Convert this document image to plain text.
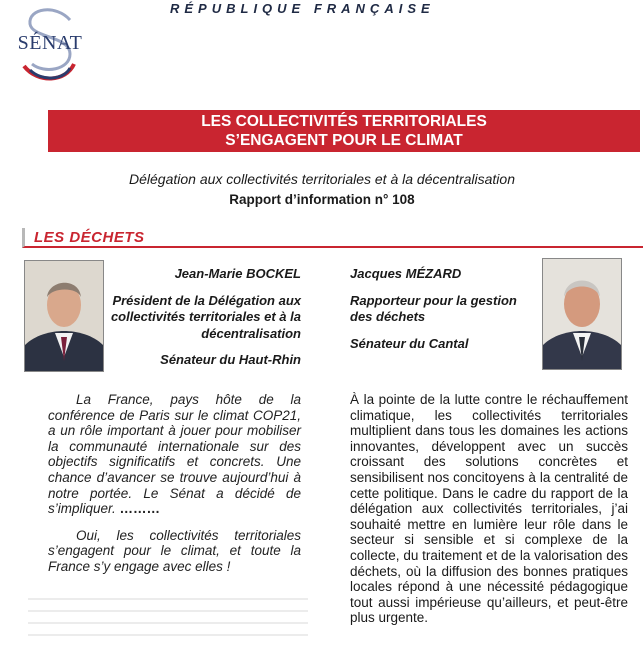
SÉNAT
RÉPUBLIQUE FRANÇAISE
LES COLLECTIVITÉS TERRITORIALES
S’ENGAGENT POUR LE CLIMAT
Délégation aux collectivités territoriales et à la décentralisation
Rapport d’information n° 108
LES DÉCHETS
Jean-Marie BOCKEL
Président de la Délégation aux collectivités territoriales et à la décentralisation
Sénateur du Haut-Rhin
Jacques MÉZARD
Rapporteur pour la gestion des déchets
Sénateur du Cantal

La France, pays hôte de la conférence de Paris sur le climat COP21, a un rôle important à jouer pour mobiliser la communauté internationale sur des objectifs significatifs et concrets. Une chance d’avancer se trouve aujourd’hui à notre portée. Le Sénat a décidé de s’impliquer. ………

Oui, les collectivités territoriales s’engagent pour le climat, et toute la France s’y engage avec elles !

À la pointe de la lutte contre le réchauffement climatique, les collectivités territoriales multiplient dans tous les domaines les actions innovantes, développent avec un succès croissant des solutions concrètes et sensibilisent nos concitoyens à la centralité de cette politique. Dans le cadre du rapport de la délégation aux collectivités territoriales, j’ai souhaité mettre en lumière leur rôle dans le secteur si sensible et si complexe de la collecte, du traitement et de la valorisation des déchets, où la diffusion des bonnes pratiques locales répond à une nécessité pédagogique tout aussi impérieuse qu’ailleurs, et peut-être plus urgente.
